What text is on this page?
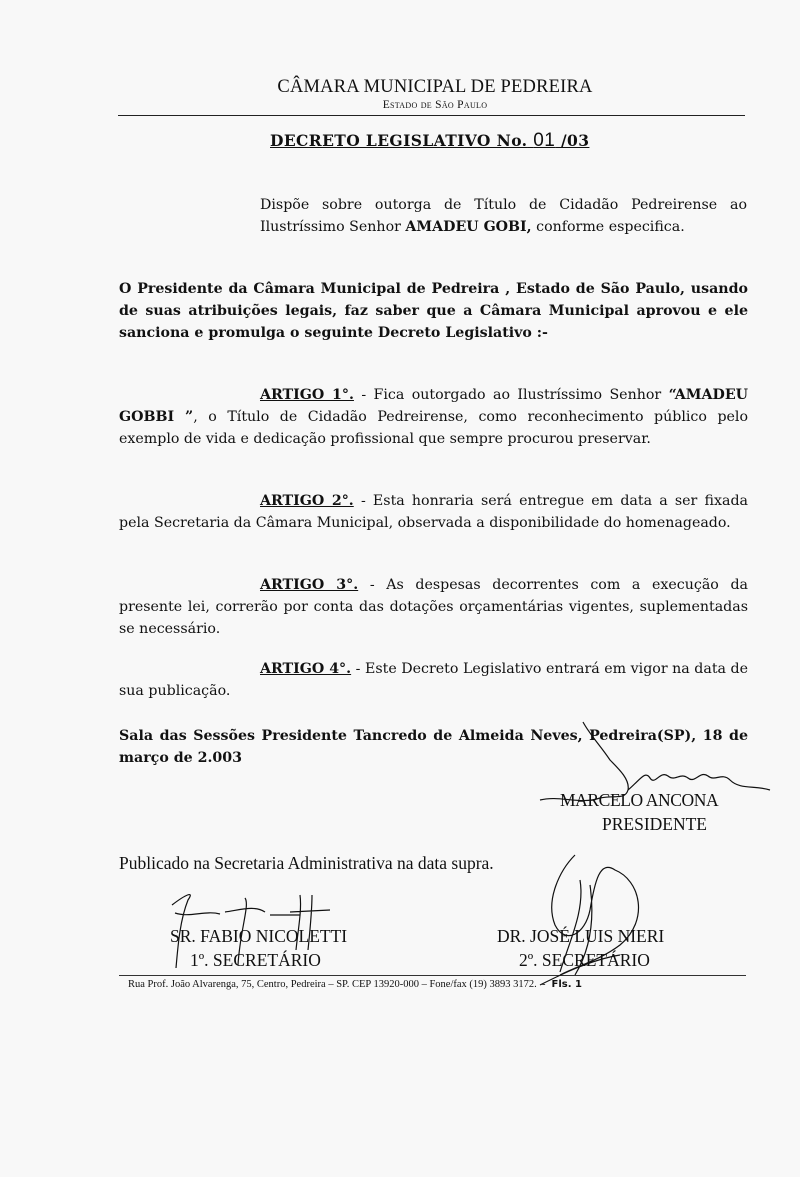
CÂMARA MUNICIPAL DE PEDREIRA
Estado de São Paulo
DECRETO LEGISLATIVO No. 01 /03
Dispõe sobre outorga de Título de Cidadão Pedreirense ao Ilustríssimo Senhor AMADEU GOBI, conforme especifica.
O Presidente da Câmara Municipal de Pedreira , Estado de São Paulo, usando de suas atribuições legais, faz saber que a Câmara Municipal aprovou e ele sanciona e promulga o seguinte Decreto Legislativo :-
ARTIGO 1°. - Fica outorgado ao Ilustríssimo Senhor “AMADEU GOBBI ”, o Título de Cidadão Pedreirense, como reconhecimento público pelo exemplo de vida e dedicação profissional que sempre procurou preservar.
ARTIGO 2°. - Esta honraria será entregue em data a ser fixada pela Secretaria da Câmara Municipal, observada a disponibilidade do homenageado.
ARTIGO 3°. - As despesas decorrentes com a execução da presente lei, correrão por conta das dotações orçamentárias vigentes, suplementadas se necessário.
ARTIGO 4°. - Este Decreto Legislativo entrará em vigor na data de sua publicação.
Sala das Sessões Presidente Tancredo de Almeida Neves, Pedreira(SP), 18 de março de 2.003
MARCELO ANCONA
PRESIDENTE
Publicado na Secretaria Administrativa na data supra.
SR. FABIO NICOLETTI
1º. SECRETÁRIO
DR. JOSÉ LUIS NIERI
2º. SECRETÁRIO
Rua Prof. João Alvarenga, 75, Centro, Pedreira – SP. CEP 13920-000 – Fone/fax (19) 3893 3172.  - Fls. 1
